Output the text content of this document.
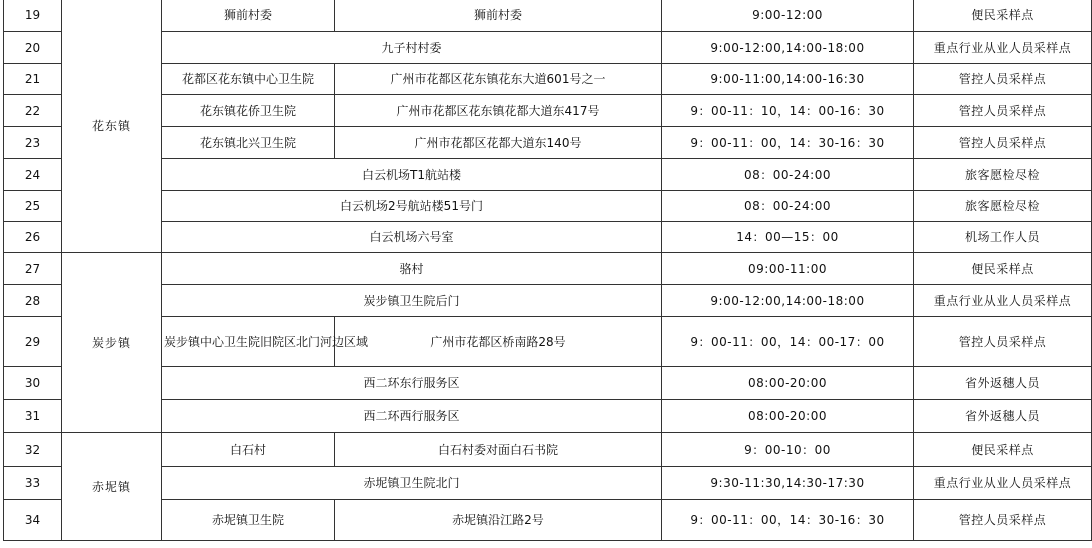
19	花东镇	狮前村委	狮前村委	9:00-12:00	便民采样点
20		九子村村委		9:00-12:00,14:00-18:00	重点行业从业人员采样点
21		花都区花东镇中心卫生院	广州市花都区花东镇花东大道601号之一	9:00-11:00,14:00-16:30	管控人员采样点
22		花东镇花侨卫生院	广州市花都区花东镇花都大道东417号	9：00-11：10，14：00-16：30	管控人员采样点
23		花东镇北兴卫生院	广州市花都区花都大道东140号	9：00-11：00，14：30-16：30	管控人员采样点
24		白云机场T1航站楼		08：00-24:00	旅客愿检尽检
25		白云机场2号航站楼51号门		08：00-24:00	旅客愿检尽检
26		白云机场六号室		14：00—15：00	机场工作人员
27	炭步镇	骆村		09:00-11:00	便民采样点
28		炭步镇卫生院后门		9:00-12:00,14:00-18:00	重点行业从业人员采样点
29		炭步镇中心卫生院旧院区北门河边区域	广州市花都区桥南路28号	9：00-11：00，14：00-17：00	管控人员采样点
30		西二环东行服务区		08:00-20:00	省外返穗人员
31		西二环西行服务区		08:00-20:00	省外返穗人员
32	赤坭镇	白石村	白石村委对面白石书院	9：00-10：00	便民采样点
33		赤坭镇卫生院北门		9:30-11:30,14:30-17:30	重点行业从业人员采样点
34		赤坭镇卫生院	赤坭镇沿江路2号	9：00-11：00，14：30-16：30	管控人员采样点
